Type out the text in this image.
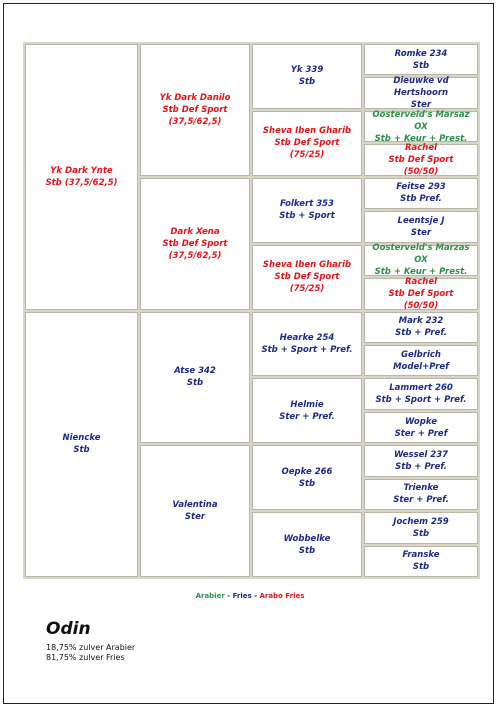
Yk Dark Ynte
Stb (37,5/62,5)
Niencke
Stb
Yk Dark Danilo
Stb Def Sport
(37,5/62,5)
Dark Xena
Stb Def Sport
(37,5/62,5)
Atse 342
Stb
Valentina
Ster
Yk 339
Stb
Sheva Iben Gharib
Stb Def Sport
(75/25)
Folkert 353
Stb + Sport
Sheva Iben Gharib
Stb Def Sport
(75/25)
Hearke 254
Stb + Sport + Pref.
Helmie
Ster + Pref.
Oepke 266
Stb
Wobbelke
Stb
Romke 234
Stb
Dieuwke vd
Hertshoorn
Ster
Oosterveld's Marsaz
OX
Stb + Keur + Prest.
Rachel
Stb Def Sport
(50/50)
Feitse 293
Stb Pref.
Leentsje J
Ster
Oosterveld's Marzas
OX
Stb + Keur + Prest.
Rachel
Stb Def Sport
(50/50)
Mark 232
Stb + Pref.
Gelbrich
Model+Pref
Lammert 260
Stb + Sport + Pref.
Wopke
Ster + Pref
Wessel 237
Stb + Pref.
Trienke
Ster + Pref.
Jochem 259
Stb
Franske
Stb
Arabier - Fries - Arabo Fries
Odin
18,75% zulver Arabier
81,75% zulver Fries
